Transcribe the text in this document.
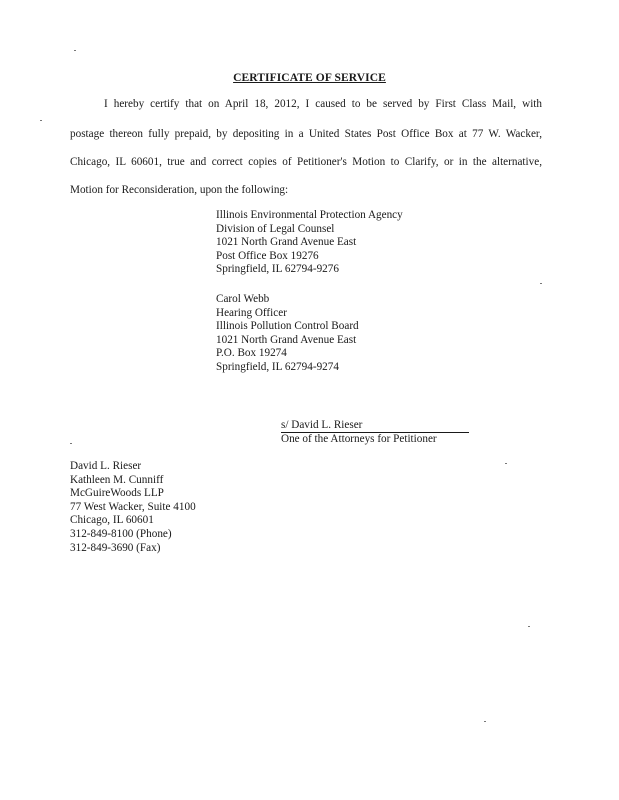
CERTIFICATE OF SERVICE
I hereby certify that on April 18, 2012, I caused to be served by First Class Mail, with
postage thereon fully prepaid, by depositing in a United States Post Office Box at 77 W. Wacker,
Chicago, IL 60601, true and correct copies of Petitioner's Motion to Clarify, or in the alternative,
Motion for Reconsideration, upon the following:
Illinois Environmental Protection Agency
Division of Legal Counsel
1021 North Grand Avenue East
Post Office Box 19276
Springfield, IL 62794-9276
Carol Webb
Hearing Officer
Illinois Pollution Control Board
1021 North Grand Avenue East
P.O. Box 19274
Springfield, IL 62794-9274
s/ David L. Rieser
One of the Attorneys for Petitioner
David L. Rieser
Kathleen M. Cunniff
McGuireWoods LLP
77 West Wacker, Suite 4100
Chicago, IL 60601
312-849-8100 (Phone)
312-849-3690 (Fax)
